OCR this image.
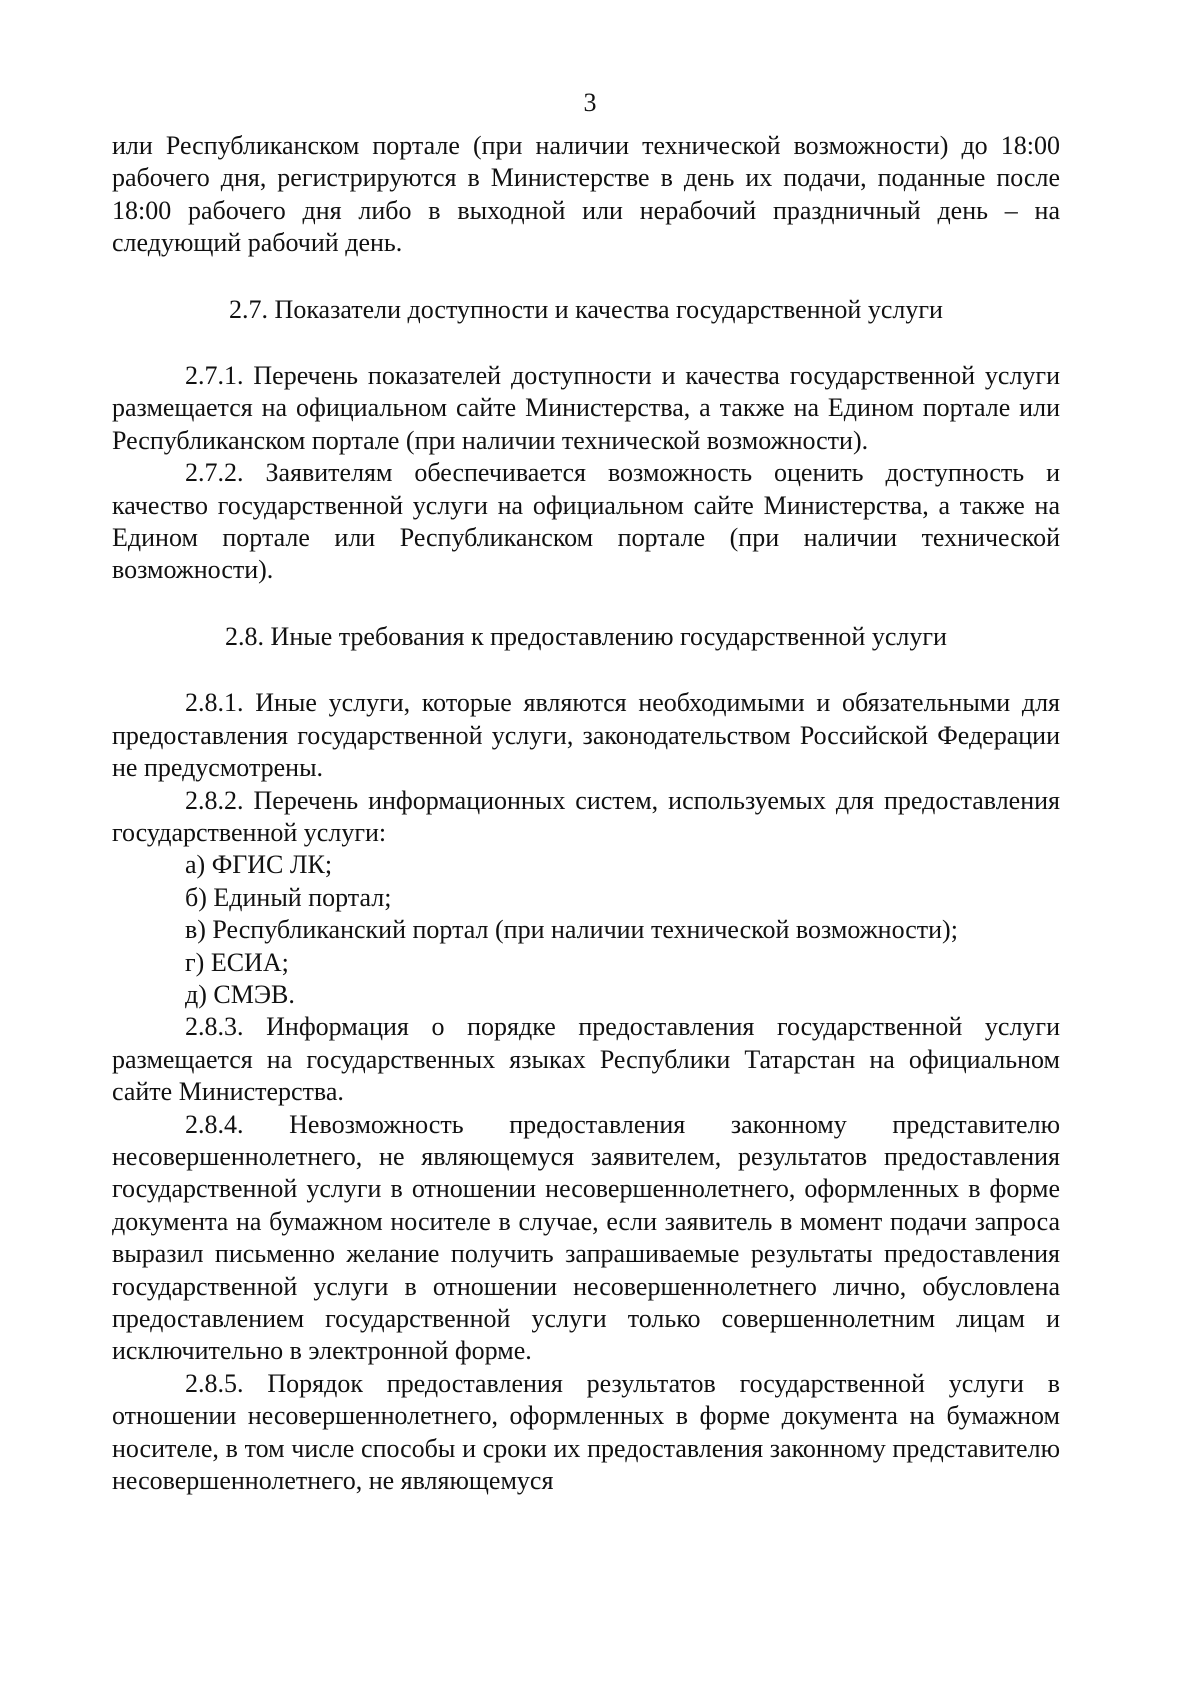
3

или Республиканском портале (при наличии технической возможности) до 18:00 рабочего дня, регистрируются в Министерстве в день их подачи, поданные после 18:00 рабочего дня либо в выходной или нерабочий праздничный день – на следующий рабочий день.

2.7. Показатели доступности и качества государственной услуги

2.7.1. Перечень показателей доступности и качества государственной услуги размещается на официальном сайте Министерства, а также на Едином портале или Республиканском портале (при наличии технической возможности).

2.7.2. Заявителям обеспечивается возможность оценить доступность и качество государственной услуги на официальном сайте Министерства, а также на Едином портале или Республиканском портале (при наличии технической возможности).

2.8. Иные требования к предоставлению государственной услуги

2.8.1. Иные услуги, которые являются необходимыми и обязательными для предоставления государственной услуги, законодательством Российской Федерации не предусмотрены.

2.8.2. Перечень информационных систем, используемых для предоставления государственной услуги:

а) ФГИС ЛК;

б) Единый портал;

в) Республиканский портал (при наличии технической возможности);

г) ЕСИА;

д) СМЭВ.

2.8.3. Информация о порядке предоставления государственной услуги размещается на государственных языках Республики Татарстан на официальном сайте Министерства.

2.8.4. Невозможность предоставления законному представителю несовершеннолетнего, не являющемуся заявителем, результатов предоставления государственной услуги в отношении несовершеннолетнего, оформленных в форме документа на бумажном носителе в случае, если заявитель в момент подачи запроса выразил письменно желание получить запрашиваемые результаты предоставления государственной услуги в отношении несовершеннолетнего лично, обусловлена предоставлением государственной услуги только совершеннолетним лицам и исключительно в электронной форме.

2.8.5. Порядок предоставления результатов государственной услуги в отношении несовершеннолетнего, оформленных в форме документа на бумажном носителе, в том числе способы и сроки их предоставления законному представителю несовершеннолетнего, не являющемуся
